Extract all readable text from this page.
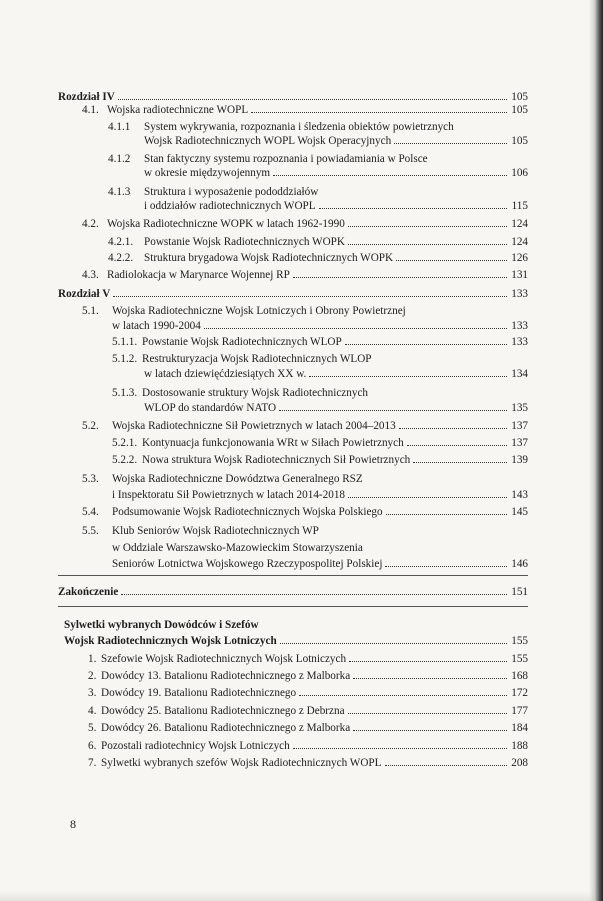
Rozdział IV	105
4.1. Wojska radiotechniczne WOPL	105
4.1.1	System wykrywania, rozpoznania i śledzenia obiektów powietrznych
Wojsk Radiotechnicznych WOPL Wojsk Operacyjnych	105
4.1.2	Stan faktyczny systemu rozpoznania i powiadamiania w Polsce
w okresie międzywojennym	106
4.1.3	Struktura i wyposażenie pododdziałów
i oddziałów radiotechnicznych WOPL	115
4.2. Wojska Radiotechniczne WOPK w latach 1962-1990	124
4.2.1. Powstanie Wojsk Radiotechnicznych WOPK	124
4.2.2. Struktura brygadowa Wojsk Radiotechnicznych WOPK	126
4.3. Radiolokacja w Marynarce Wojennej RP	131
Rozdział V	133
5.1.	Wojska Radiotechniczne Wojsk Lotniczych i Obrony Powietrznej
w latach 1990-2004	133
5.1.1. Powstanie Wojsk Radiotechnicznych WLOP	133
5.1.2. Restrukturyzacja Wojsk Radiotechnicznych WLOP
w latach dziewięćdziesiątych XX w.	134
5.1.3. Dostosowanie struktury Wojsk Radiotechnicznych
WLOP do standardów NATO	135
5.2.	Wojska Radiotechniczne Sił Powietrznych w latach 2004–2013	137
5.2.1. Kontynuacja funkcjonowania WRt w Siłach Powietrznych	137
5.2.2. Nowa struktura Wojsk Radiotechnicznych Sił Powietrznych	139
5.3.	Wojska Radiotechniczne Dowództwa Generalnego RSZ
i Inspektoratu Sił Powietrznych w latach 2014-2018	143
5.4.	Podsumowanie Wojsk Radiotechnicznych Wojska Polskiego	145
5.5.	Klub Seniorów Wojsk Radiotechnicznych WP
w Oddziale Warszawsko-Mazowieckim Stowarzyszenia
Seniorów Lotnictwa Wojskowego Rzeczypospolitej Polskiej	146
Zakończenie	151
Sylwetki wybranych Dowódców i Szefów
Wojsk Radiotechnicznych Wojsk Lotniczych	155
1. Szefowie Wojsk Radiotechnicznych Wojsk Lotniczych	155
2. Dowódcy 13. Batalionu Radiotechnicznego z Malborka	168
3. Dowódcy 19. Batalionu Radiotechnicznego	172
4. Dowódcy 25. Batalionu Radiotechnicznego z Debrzna	177
5. Dowódcy 26. Batalionu Radiotechnicznego z Malborka	184
6. Pozostali radiotechnicy Wojsk Lotniczych	188
7. Sylwetki wybranych szefów Wojsk Radiotechnicznych WOPL	208
8
